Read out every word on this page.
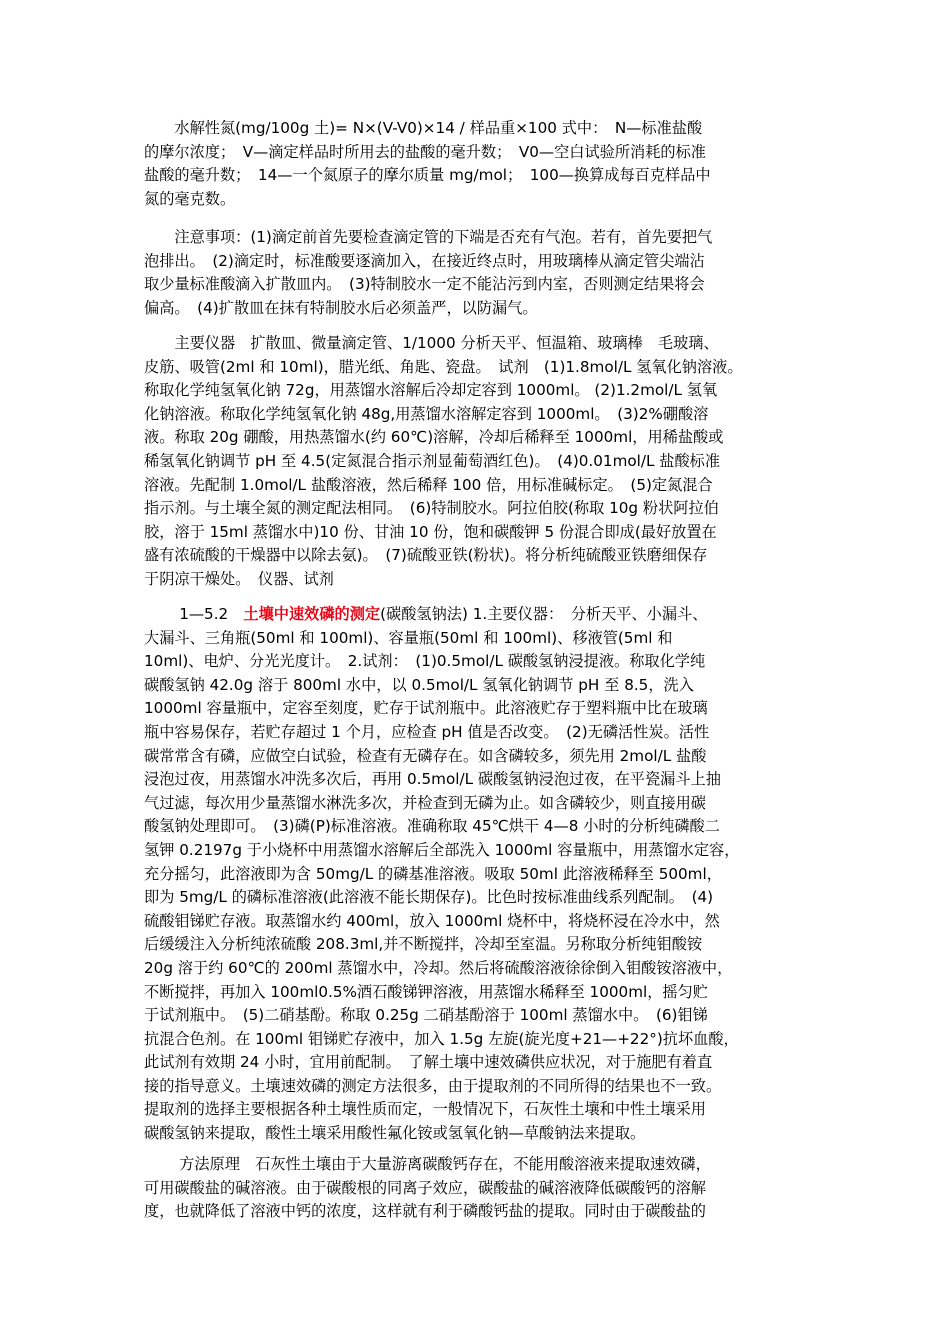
　　水解性氮(mg/100g 土)= N×(V-V0)×14 / 样品重×100 式中：　N—标准盐酸
的摩尔浓度；　V—滴定样品时所用去的盐酸的毫升数；　V0—空白试验所消耗的标准
盐酸的毫升数；　14—一个氮原子的摩尔质量 mg/mol；　100—换算成每百克样品中
氮的毫克数。
　　注意事项：(1)滴定前首先要检查滴定管的下端是否充有气泡。若有，首先要把气
泡排出。　(2)滴定时，标准酸要逐滴加入，在接近终点时，用玻璃棒从滴定管尖端沾
取少量标准酸滴入扩散皿内。　(3)特制胶水一定不能沾污到内室，否则测定结果将会
偏高。　(4)扩散皿在抹有特制胶水后必须盖严，以防漏气。
　　主要仪器　扩散皿、微量滴定管、1/1000 分析天平、恒温箱、玻璃棒　毛玻璃、
皮筋、吸管(2ml 和 10ml)，腊光纸、角匙、瓷盘。　试剂　(1)1.8mol/L 氢氧化钠溶液。
称取化学纯氢氧化钠 72g，用蒸馏水溶解后冷却定容到 1000ml。 (2)1.2mol/L 氢氧
化钠溶液。称取化学纯氢氧化钠 48g,用蒸馏水溶解定容到 1000ml。　(3)2%硼酸溶
液。称取 20g 硼酸，用热蒸馏水(约 60℃)溶解，冷却后稀释至 1000ml，用稀盐酸或
稀氢氧化钠调节 pH 至 4.5(定氮混合指示剂显葡萄酒红色)。　(4)0.01mol/L 盐酸标准
溶液。先配制 1.0mol/L 盐酸溶液，然后稀释 100 倍，用标准碱标定。　(5)定氮混合
指示剂。与土壤全氮的测定配法相同。　(6)特制胶水。阿拉伯胶(称取 10g 粉状阿拉伯
胶，溶于 15ml 蒸馏水中)10 份、甘油 10 份，饱和碳酸钾 5 份混合即成(最好放置在
盛有浓硫酸的干燥器中以除去氨)。　(7)硫酸亚铁(粉状)。将分析纯硫酸亚铁磨细保存
于阴凉干燥处。　仪器、试剂
　　 1—5.2　土壤中速效磷的测定(碳酸氢钠法) 1.主要仪器：　分析天平、小漏斗、
大漏斗、三角瓶(50ml 和 100ml)、容量瓶(50ml 和 100ml)、移液管(5ml 和
10ml)、电炉、分光光度计。　2.试剂：　(1)0.5mol/L 碳酸氢钠浸提液。称取化学纯
碳酸氢钠 42.0g 溶于 800ml 水中，以 0.5mol/L 氢氧化钠调节 pH 至 8.5，洗入
1000ml 容量瓶中，定容至刻度，贮存于试剂瓶中。此溶液贮存于塑料瓶中比在玻璃
瓶中容易保存，若贮存超过 1 个月，应检查 pH 值是否改变。　(2)无磷活性炭。活性
碳常常含有磷，应做空白试验，检查有无磷存在。如含磷较多，须先用 2mol/L 盐酸
浸泡过夜，用蒸馏水冲洗多次后，再用 0.5mol/L 碳酸氢钠浸泡过夜，在平瓷漏斗上抽
气过滤，每次用少量蒸馏水淋洗多次，并检查到无磷为止。如含磷较少，则直接用碳
酸氢钠处理即可。　(3)磷(P)标准溶液。准确称取 45℃烘干 4—8 小时的分析纯磷酸二
氢钾 0.2197g 于小烧杯中用蒸馏水溶解后全部洗入 1000ml 容量瓶中，用蒸馏水定容，
充分摇匀，此溶液即为含 50mg/L 的磷基准溶液。吸取 50ml 此溶液稀释至 500ml，
即为 5mg/L 的磷标准溶液(此溶液不能长期保存)。比色时按标准曲线系列配制。　(4)
硫酸钼锑贮存液。取蒸馏水约 400ml，放入 1000ml 烧杯中，将烧杯浸在冷水中，然
后缓缓注入分析纯浓硫酸 208.3ml,并不断搅拌，冷却至室温。另称取分析纯钼酸铵
20g 溶于约 60℃的 200ml 蒸馏水中，冷却。然后将硫酸溶液徐徐倒入钼酸铵溶液中，
不断搅拌，再加入 100ml0.5%酒石酸锑钾溶液，用蒸馏水稀释至 1000ml，摇匀贮
于试剂瓶中。　(5)二硝基酚。称取 0.25g 二硝基酚溶于 100ml 蒸馏水中。　(6)钼锑
抗混合色剂。在 100ml 钼锑贮存液中，加入 1.5g 左旋(旋光度+21—+22°)抗坏血酸，
此试剂有效期 24 小时，宜用前配制。　了解土壤中速效磷供应状况，对于施肥有着直
接的指导意义。土壤速效磷的测定方法很多，由于提取剂的不同所得的结果也不一致。
提取剂的选择主要根据各种土壤性质而定，一般情况下，石灰性土壤和中性土壤采用
碳酸氢钠来提取，酸性土壤采用酸性氟化铵或氢氧化钠—草酸钠法来提取。
　　 方法原理　石灰性土壤由于大量游离碳酸钙存在，不能用酸溶液来提取速效磷，
可用碳酸盐的碱溶液。由于碳酸根的同离子效应，碳酸盐的碱溶液降低碳酸钙的溶解
度，也就降低了溶液中钙的浓度，这样就有利于磷酸钙盐的提取。同时由于碳酸盐的
